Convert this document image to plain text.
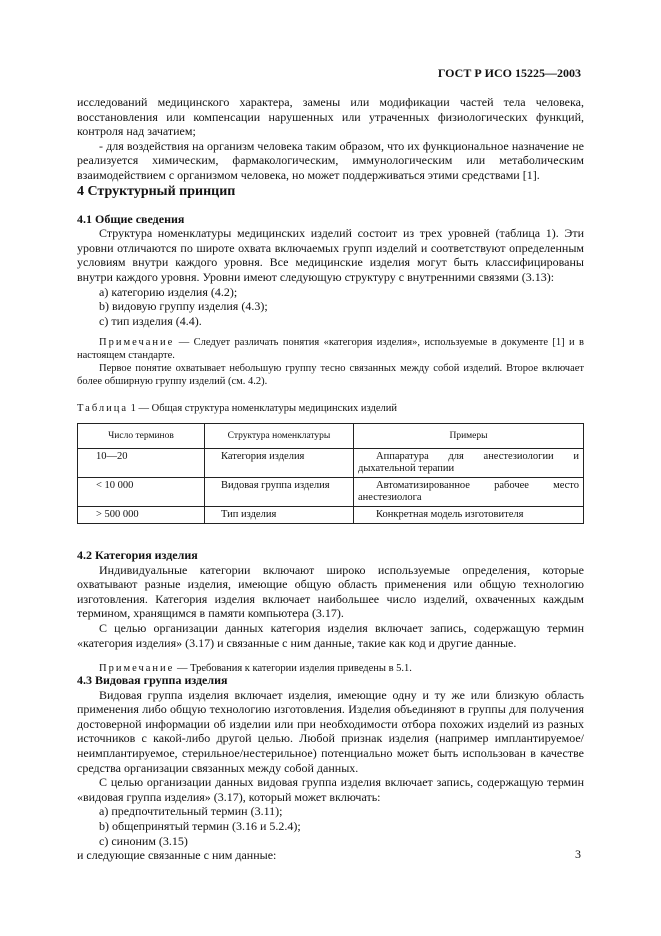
ГОСТ Р ИСО 15225—2003

исследований медицинского характера, замены или модификации частей тела человека, восстановления или компенсации нарушенных или утраченных физиологических функций, контроля над зачатием;

- для воздействия на организм человека таким образом, что их функциональное назначение не реализуется химическим, фармакологическим, иммунологическим или метаболическим взаимодействием с организмом человека, но может поддерживаться этими средствами [1].

4 Структурный принцип
4.1 Общие сведения

Структура номенклатуры медицинских изделий состоит из трех уровней (таблица 1). Эти уровни отличаются по широте охвата включаемых групп изделий и соответствуют определенным условиям внутри каждого уровня. Все медицинские изделия могут быть классифицированы внутри каждого уровня. Уровни имеют следующую структуру с внутренними связями (3.13):

а) категорию изделия (4.2);

b) видовую группу изделия (4.3);

c) тип изделия (4.4).

Примечание — Следует различать понятия «категория изделия», используемые в документе [1] и в настоящем стандарте.

Первое понятие охватывает небольшую группу тесно связанных между собой изделий. Второе включает более обширную группу изделий (см. 4.2).

Таблица 1 — Общая структура номенклатуры медицинских изделий
Число терминов	Структура номенклатуры	Примеры
10—20	Категория изделия	Аппаратура для анестезиологии и дыхательной терапии
< 10 000	Видовая группа изделия	Автоматизированное рабочее место анестезиолога
> 500 000	Тип изделия	Конкретная модель изготовителя
4.2 Категория изделия

Индивидуальные категории включают широко используемые определения, которые охватывают разные изделия, имеющие общую область применения или общую технологию изготовления. Категория изделия включает наибольшее число изделий, охваченных каждым термином, хранящимся в памяти компьютера (3.17).

С целью организации данных категория изделия включает запись, содержащую термин «категория изделия» (3.17) и связанные с ним данные, такие как код и другие данные.

Примечание — Требования к категории изделия приведены в 5.1.

4.3 Видовая группа изделия

Видовая группа изделия включает изделия, имеющие одну и ту же или близкую область применения либо общую технологию изготовления. Изделия объединяют в группы для получения достоверной информации об изделии или при необходимости отбора похожих изделий из разных источников с какой-либо другой целью. Любой признак изделия (например имплантируемое/неимплантируемое, стерильное/нестерильное) потенциально может быть использован в качестве средства организации связанных между собой данных.

С целью организации данных видовая группа изделия включает запись, содержащую термин «видовая группа изделия» (3.17), который может включать:

а) предпочтительный термин (3.11);

b) общепринятый термин (3.16 и 5.2.4);

c) синоним (3.15)

и следующие связанные с ним данные:	3
